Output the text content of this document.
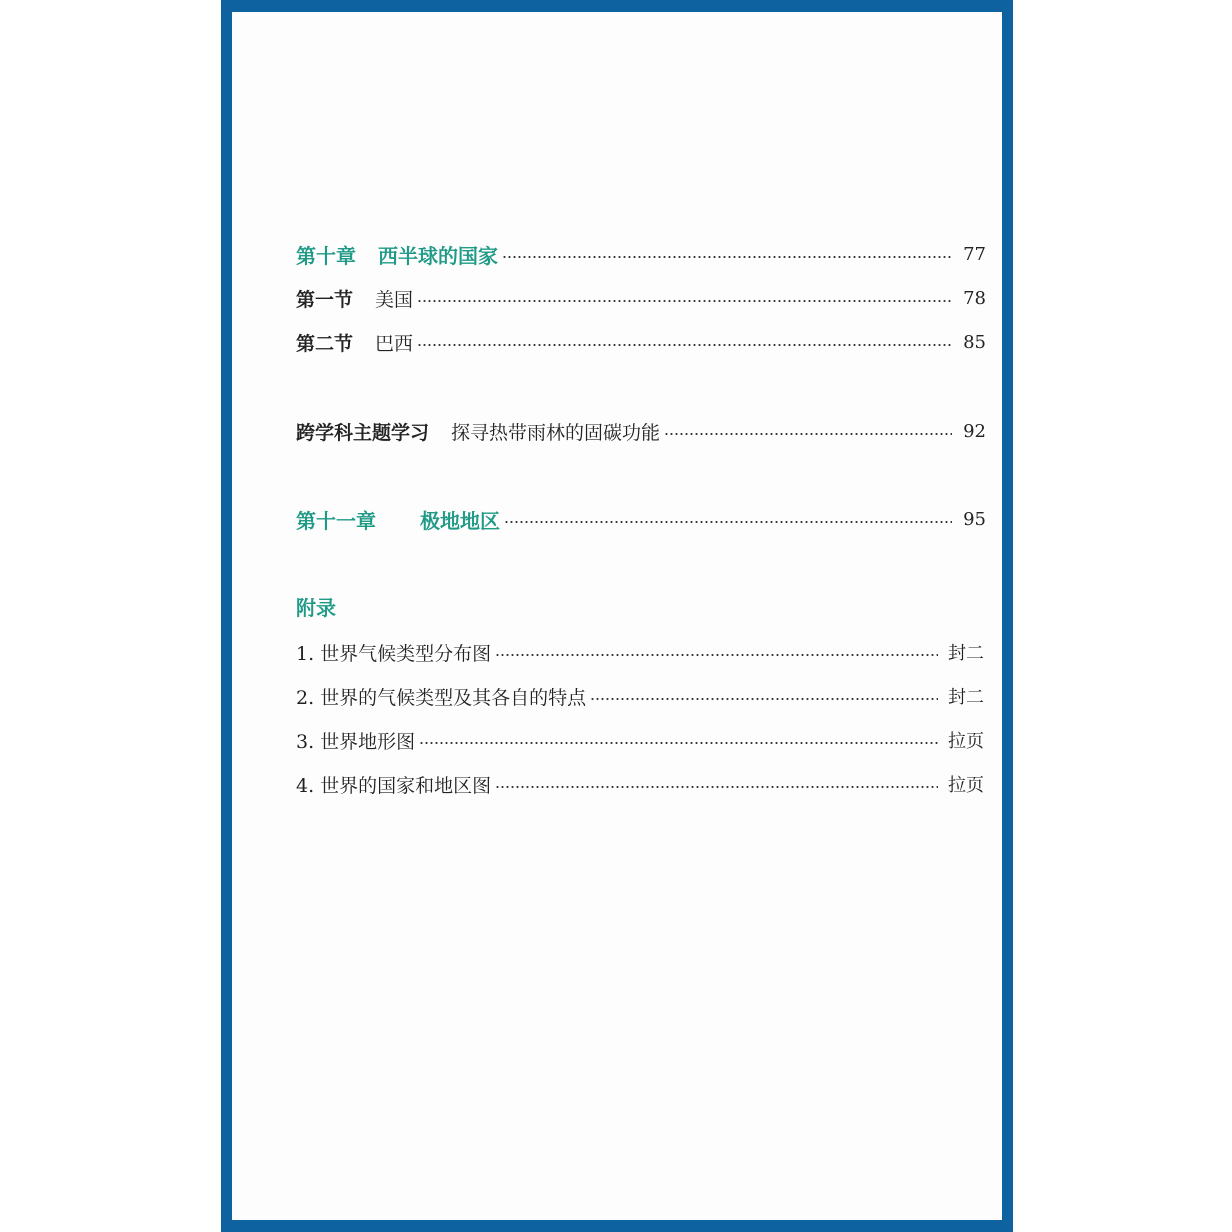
第十章 西半球的国家	77
第一节 美国	78
第二节 巴西	85
跨学科主题学习 探寻热带雨林的固碳功能	92
第十一章 极地地区	95
附录
1. 世界气候类型分布图	封二
2. 世界的气候类型及其各自的特点	封二
3. 世界地形图	拉页
4. 世界的国家和地区图	拉页
